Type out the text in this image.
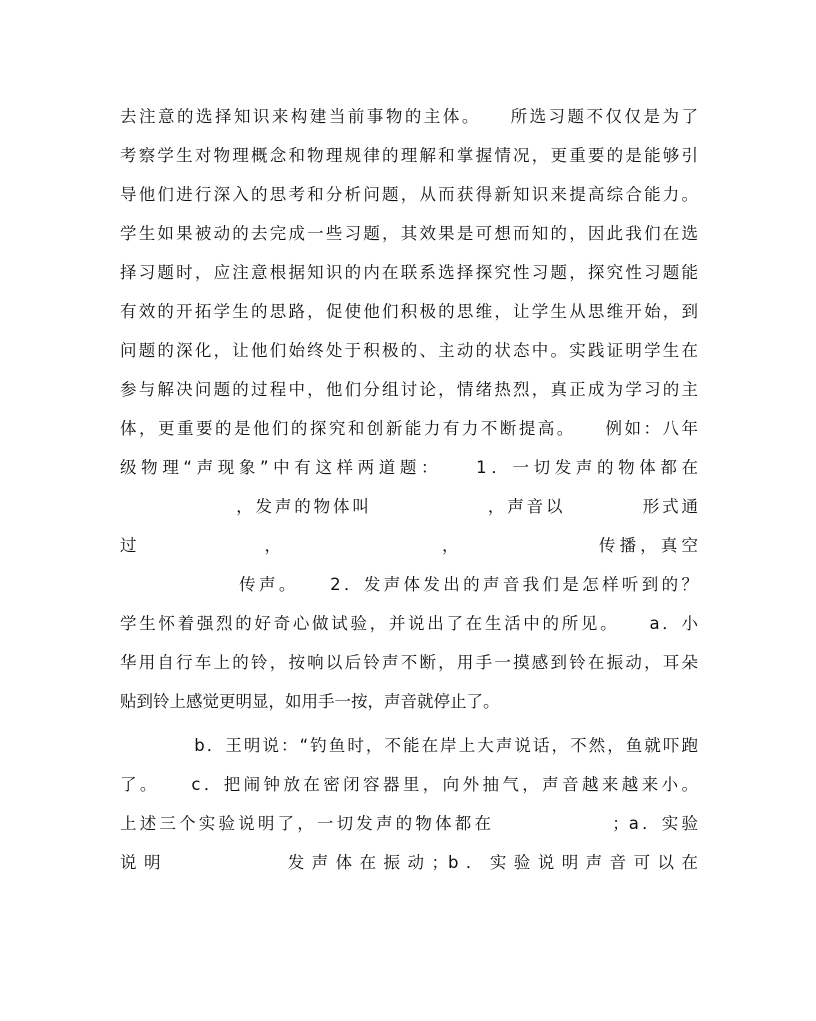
去注意的选择知识来构建当前事物的主体。　　所选习题不仅仅是为了
考察学生对物理概念和物理规律的理解和掌握情况，更重要的是能够引
导他们进行深入的思考和分析问题，从而获得新知识来提高综合能力。
学生如果被动的去完成一些习题，其效果是可想而知的，因此我们在选
择习题时，应注意根据知识的内在联系选择探究性习题，探究性习题能
有效的开拓学生的思路，促使他们积极的思维，让学生从思维开始，到
问题的深化，让他们始终处于积极的、主动的状态中。实践证明学生在
参与解决问题的过程中，他们分组讨论，情绪热烈，真正成为学习的主
体，更重要的是他们的探究和创新能力有力不断提高。　　例如：八年
级物理“声现象”中有这样两道题：　　1．一切发声的物体都在
　　　　　　，发声的物体叫　　　　　　，声音以　　　　形式通
过　　　　　　，　　　　　　　　，　　　　　　　传播，真空
　　　　　　传声。　　2．发声体发出的声音我们是怎样听到的？
学生怀着强烈的好奇心做试验，并说出了在生活中的所见。　　a．小
华用自行车上的铃，按响以后铃声不断，用手一摸感到铃在振动，耳朵
贴到铃上感觉更明显，如用手一按，声音就停止了。
　　　　b．王明说：“钓鱼时，不能在岸上大声说话，不然，鱼就吓跑
了。　　c．把闹钟放在密闭容器里，向外抽气，声音越来越来小。
上述三个实验说明了，一切发声的物体都在　　　　　　；a．实验
说明　　　　　发声体在振动；b．实验说明声音可以在
